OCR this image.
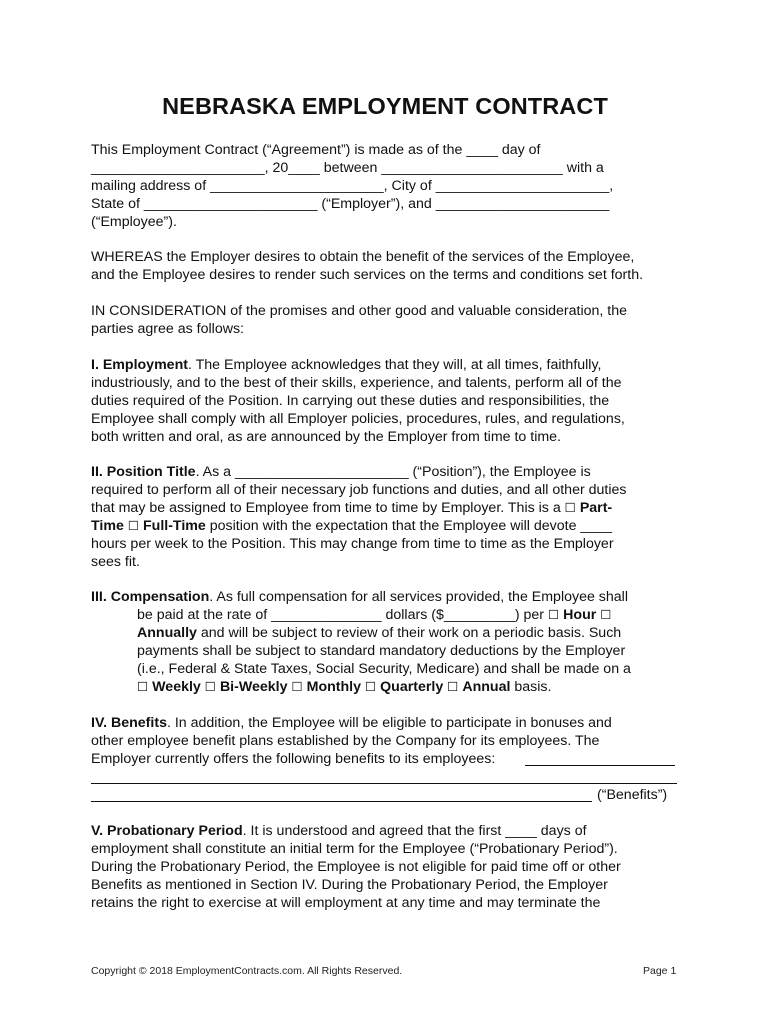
NEBRASKA EMPLOYMENT CONTRACT
This Employment Contract (“Agreement”) is made as of the ____ day of
______________________, 20____ between _______________________ with a
mailing address of ______________________, City of ______________________,
State of ______________________ (“Employer”), and ______________________
(“Employee”).
WHEREAS the Employer desires to obtain the benefit of the services of the Employee,
and the Employee desires to render such services on the terms and conditions set forth.
IN CONSIDERATION of the promises and other good and valuable consideration, the
parties agree as follows:
I. Employment. The Employee acknowledges that they will, at all times, faithfully,
industriously, and to the best of their skills, experience, and talents, perform all of the
duties required of the Position. In carrying out these duties and responsibilities, the
Employee shall comply with all Employer policies, procedures, rules, and regulations,
both written and oral, as are announced by the Employer from time to time.
II. Position Title. As a ______________________ (“Position”), the Employee is
required to perform all of their necessary job functions and duties, and all other duties
that may be assigned to Employee from time to time by Employer. This is a ☐ Part-
Time ☐ Full-Time position with the expectation that the Employee will devote ____
hours per week to the Position. This may change from time to time as the Employer
sees fit.
III. Compensation. As full compensation for all services provided, the Employee shall
be paid at the rate of ______________ dollars ($_________) per ☐ Hour ☐
Annually and will be subject to review of their work on a periodic basis. Such
payments shall be subject to standard mandatory deductions by the Employer
(i.e., Federal & State Taxes, Social Security, Medicare) and shall be made on a
☐ Weekly ☐ Bi-Weekly ☐ Monthly ☐ Quarterly ☐ Annual basis.
IV. Benefits. In addition, the Employee will be eligible to participate in bonuses and
other employee benefit plans established by the Company for its employees. The
Employer currently offers the following benefits to its employees:
(“Benefits”)
V. Probationary Period. It is understood and agreed that the first ____ days of
employment shall constitute an initial term for the Employee (“Probationary Period”).
During the Probationary Period, the Employee is not eligible for paid time off or other
Benefits as mentioned in Section IV. During the Probationary Period, the Employer
retains the right to exercise at will employment at any time and may terminate the
Copyright © 2018 EmploymentContracts.com. All Rights Reserved.	Page 1
